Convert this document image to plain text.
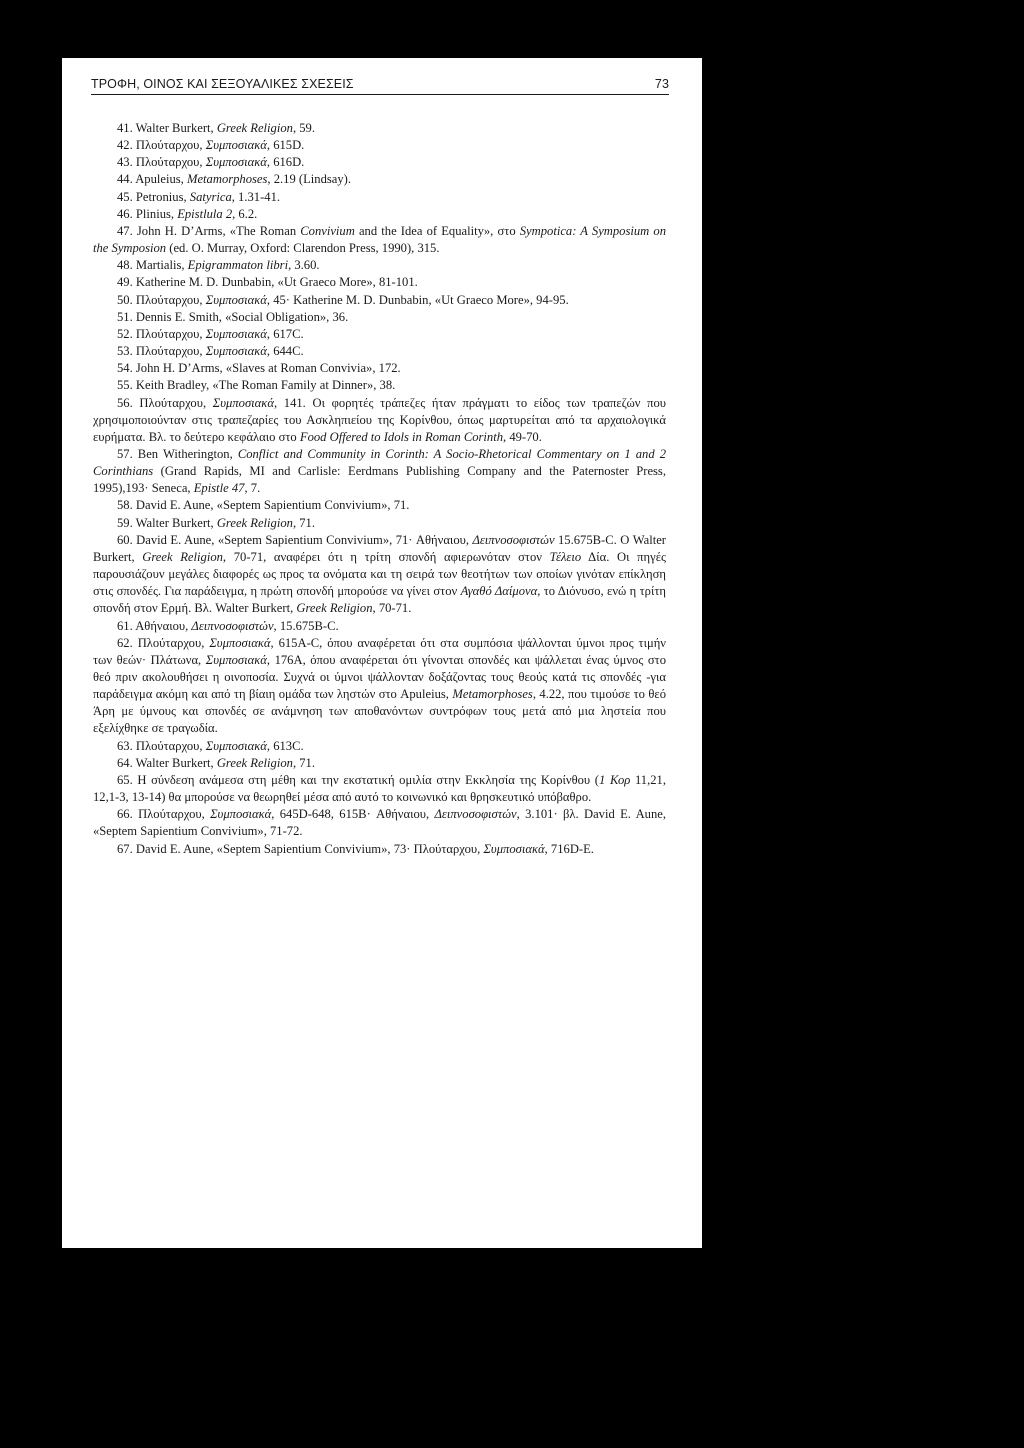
ΤΡΟΦΗ, ΟΙΝΟΣ ΚΑΙ ΣΕΞΟΥΑΛΙΚΕΣ ΣΧΕΣΕΙΣ	73

41. Walter Burkert, Greek Religion, 59.

42. Πλούταρχου, Συμποσιακά, 615D.

43. Πλούταρχου, Συμποσιακά, 616D.

44. Apuleius, Metamorphoses, 2.19 (Lindsay).

45. Petronius, Satyrica, 1.31-41.

46. Plinius, Epistlula 2, 6.2.

47. John H. D’Arms, «The Roman Convivium and the Idea of Equality», στο Sympotica: A Symposium on the Symposion (ed. O. Murray, Oxford: Clarendon Press, 1990), 315.

48. Martialis, Epigrammaton libri, 3.60.

49. Katherine M. D. Dunbabin, «Ut Graeco More», 81-101.

50. Πλούταρχου, Συμποσιακά, 45· Katherine M. D. Dunbabin, «Ut Graeco More», 94-95.

51. Dennis E. Smith, «Social Obligation», 36.

52. Πλούταρχου, Συμποσιακά, 617C.

53. Πλούταρχου, Συμποσιακά, 644C.

54. John H. D’Arms, «Slaves at Roman Convivia», 172.

55. Keith Bradley, «The Roman Family at Dinner», 38.

56. Πλούταρχου, Συμποσιακά, 141. Οι φορητές τράπεζες ήταν πράγματι το είδος των τραπεζών που χρησιμοποιούνταν στις τραπεζαρίες του Ασκληπιείου της Κορίνθου, όπως μαρτυρείται από τα αρχαιολογικά ευρήματα. Βλ. το δεύτερο κεφάλαιο στο Food Offered to Idols in Roman Corinth, 49-70.

57. Ben Witherington, Conflict and Community in Corinth: A Socio-Rhetorical Commentary on 1 and 2 Corinthians (Grand Rapids, MI and Carlisle: Eerdmans Publishing Company and the Paternoster Press, 1995),193· Seneca, Epistle 47, 7.

58. David E. Aune, «Septem Sapientium Convivium», 71.

59. Walter Burkert, Greek Religion, 71.

60. David E. Aune, «Septem Sapientium Convivium», 71· Αθήναιου, Δειπνοσοφιστών 15.675B-C. Ο Walter Burkert, Greek Religion, 70-71, αναφέρει ότι η τρίτη σπονδή αφιερωνόταν στον Τέλειο Δία. Οι πηγές παρουσιάζουν μεγάλες διαφορές ως προς τα ονόματα και τη σειρά των θεοτήτων των οποίων γινόταν επίκληση στις σπονδές. Για παράδειγμα, η πρώτη σπονδή μπορούσε να γίνει στον Αγαθό Δαίμονα, το Διόνυσο, ενώ η τρίτη σπονδή στον Ερμή. Βλ. Walter Burkert, Greek Religion, 70-71.

61. Αθήναιου, Δειπνοσοφιστών, 15.675B-C.

62. Πλούταρχου, Συμποσιακά, 615A-C, όπου αναφέρεται ότι στα συμπόσια ψάλλονται ύμνοι προς τιμήν των θεών· Πλάτωνα, Συμποσιακά, 176A, όπου αναφέρεται ότι γίνονται σπονδές και ψάλλεται ένας ύμνος στο θεό πριν ακολουθήσει η οινοποσία. Συχνά οι ύμνοι ψάλλονταν δοξάζοντας τους θεούς κατά τις σπονδές -για παράδειγμα ακόμη και από τη βίαιη ομάδα των ληστών στο Apuleius, Metamorphoses, 4.22, που τιμούσε το θεό Άρη με ύμνους και σπονδές σε ανάμνηση των αποθανόντων συντρόφων τους μετά από μια ληστεία που εξελίχθηκε σε τραγωδία.

63. Πλούταρχου, Συμποσιακά, 613C.

64. Walter Burkert, Greek Religion, 71.

65. Η σύνδεση ανάμεσα στη μέθη και την εκστατική ομιλία στην Εκκλησία της Κορίνθου (1 Κορ 11,21, 12,1-3, 13-14) θα μπορούσε να θεωρηθεί μέσα από αυτό το κοινωνικό και θρησκευτικό υπόβαθρο.

66. Πλούταρχου, Συμποσιακά, 645D-648, 615B· Αθήναιου, Δειπνοσοφιστών, 3.101· βλ. David E. Aune, «Septem Sapientium Convivium», 71-72.

67. David E. Aune, «Septem Sapientium Convivium», 73· Πλούταρχου, Συμποσιακά, 716D-E.
